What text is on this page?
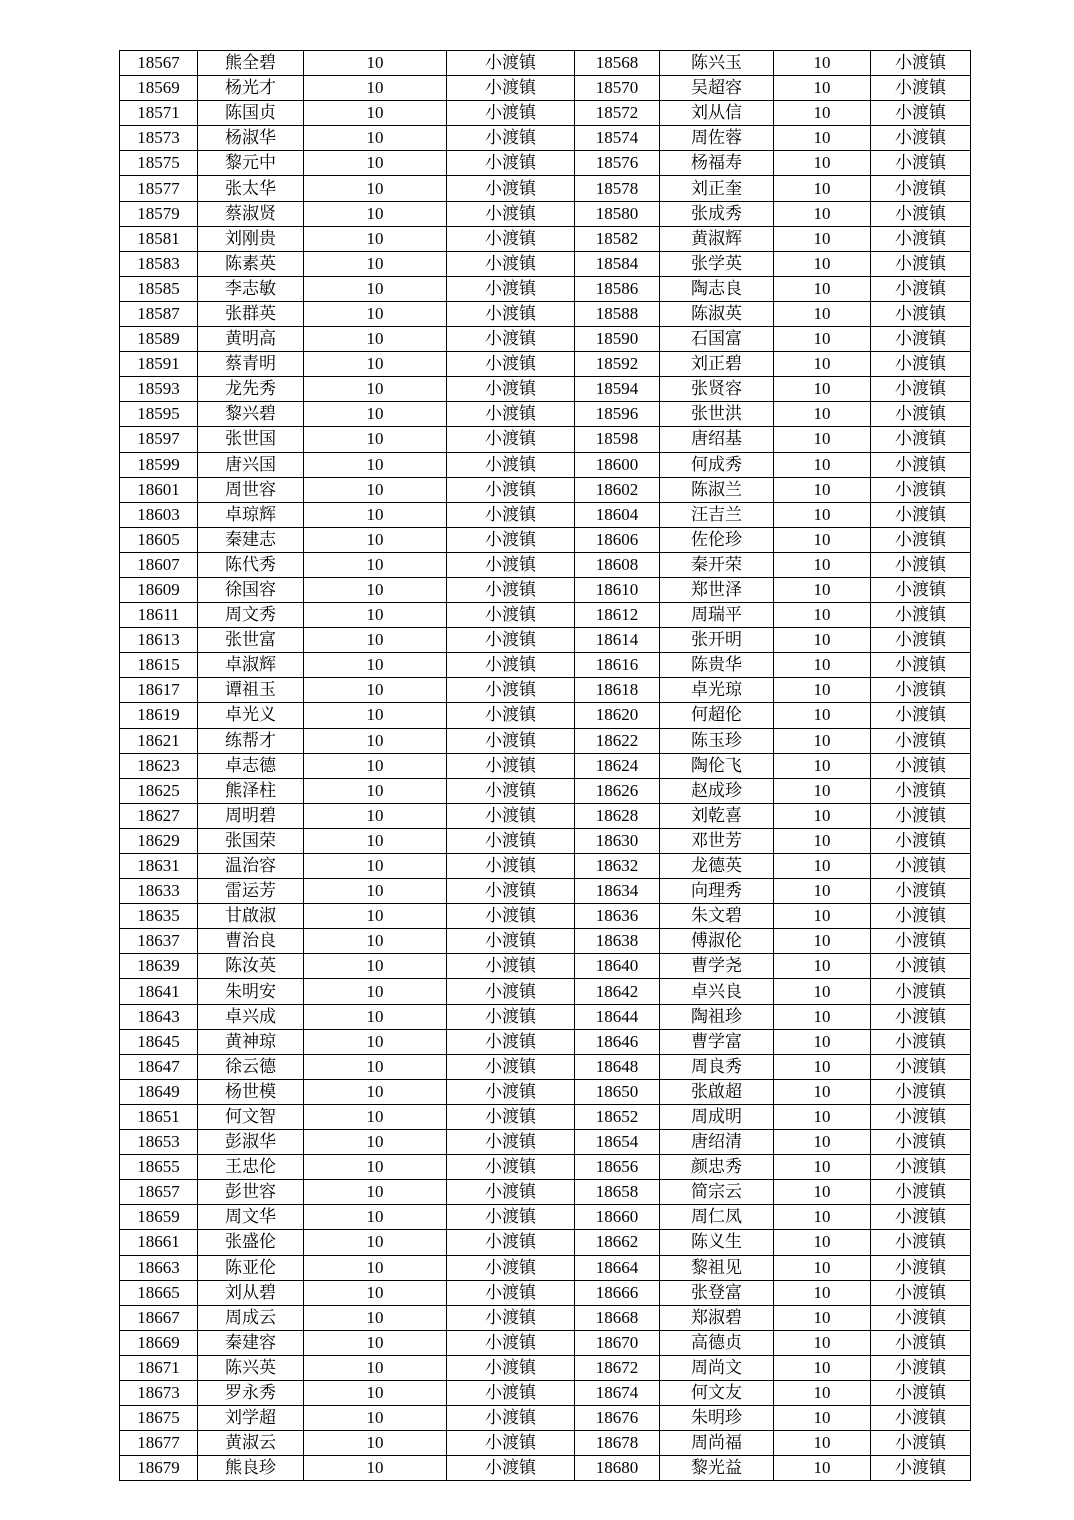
18567	熊全碧	10	小渡镇	18568	陈兴玉	10	小渡镇
18569	杨光才	10	小渡镇	18570	吴超容	10	小渡镇
18571	陈国贞	10	小渡镇	18572	刘从信	10	小渡镇
18573	杨淑华	10	小渡镇	18574	周佐蓉	10	小渡镇
18575	黎元中	10	小渡镇	18576	杨福寿	10	小渡镇
18577	张太华	10	小渡镇	18578	刘正奎	10	小渡镇
18579	蔡淑贤	10	小渡镇	18580	张成秀	10	小渡镇
18581	刘刚贵	10	小渡镇	18582	黄淑辉	10	小渡镇
18583	陈素英	10	小渡镇	18584	张学英	10	小渡镇
18585	李志敏	10	小渡镇	18586	陶志良	10	小渡镇
18587	张群英	10	小渡镇	18588	陈淑英	10	小渡镇
18589	黄明高	10	小渡镇	18590	石国富	10	小渡镇
18591	蔡青明	10	小渡镇	18592	刘正碧	10	小渡镇
18593	龙先秀	10	小渡镇	18594	张贤容	10	小渡镇
18595	黎兴碧	10	小渡镇	18596	张世洪	10	小渡镇
18597	张世国	10	小渡镇	18598	唐绍基	10	小渡镇
18599	唐兴国	10	小渡镇	18600	何成秀	10	小渡镇
18601	周世容	10	小渡镇	18602	陈淑兰	10	小渡镇
18603	卓琼辉	10	小渡镇	18604	汪吉兰	10	小渡镇
18605	秦建志	10	小渡镇	18606	佐伦珍	10	小渡镇
18607	陈代秀	10	小渡镇	18608	秦开荣	10	小渡镇
18609	徐国容	10	小渡镇	18610	郑世泽	10	小渡镇
18611	周文秀	10	小渡镇	18612	周瑞平	10	小渡镇
18613	张世富	10	小渡镇	18614	张开明	10	小渡镇
18615	卓淑辉	10	小渡镇	18616	陈贵华	10	小渡镇
18617	谭祖玉	10	小渡镇	18618	卓光琼	10	小渡镇
18619	卓光义	10	小渡镇	18620	何超伦	10	小渡镇
18621	练帮才	10	小渡镇	18622	陈玉珍	10	小渡镇
18623	卓志德	10	小渡镇	18624	陶伦飞	10	小渡镇
18625	熊泽柱	10	小渡镇	18626	赵成珍	10	小渡镇
18627	周明碧	10	小渡镇	18628	刘乾喜	10	小渡镇
18629	张国荣	10	小渡镇	18630	邓世芳	10	小渡镇
18631	温治容	10	小渡镇	18632	龙德英	10	小渡镇
18633	雷运芳	10	小渡镇	18634	向理秀	10	小渡镇
18635	甘啟淑	10	小渡镇	18636	朱文碧	10	小渡镇
18637	曹治良	10	小渡镇	18638	傅淑伦	10	小渡镇
18639	陈汝英	10	小渡镇	18640	曹学尧	10	小渡镇
18641	朱明安	10	小渡镇	18642	卓兴良	10	小渡镇
18643	卓兴成	10	小渡镇	18644	陶祖珍	10	小渡镇
18645	黄神琼	10	小渡镇	18646	曹学富	10	小渡镇
18647	徐云德	10	小渡镇	18648	周良秀	10	小渡镇
18649	杨世模	10	小渡镇	18650	张啟超	10	小渡镇
18651	何文智	10	小渡镇	18652	周成明	10	小渡镇
18653	彭淑华	10	小渡镇	18654	唐绍清	10	小渡镇
18655	王忠伦	10	小渡镇	18656	颜忠秀	10	小渡镇
18657	彭世容	10	小渡镇	18658	简宗云	10	小渡镇
18659	周文华	10	小渡镇	18660	周仁凤	10	小渡镇
18661	张盛伦	10	小渡镇	18662	陈义生	10	小渡镇
18663	陈亚伦	10	小渡镇	18664	黎祖见	10	小渡镇
18665	刘从碧	10	小渡镇	18666	张登富	10	小渡镇
18667	周成云	10	小渡镇	18668	郑淑碧	10	小渡镇
18669	秦建容	10	小渡镇	18670	高德贞	10	小渡镇
18671	陈兴英	10	小渡镇	18672	周尚文	10	小渡镇
18673	罗永秀	10	小渡镇	18674	何文友	10	小渡镇
18675	刘学超	10	小渡镇	18676	朱明珍	10	小渡镇
18677	黄淑云	10	小渡镇	18678	周尚福	10	小渡镇
18679	熊良珍	10	小渡镇	18680	黎光益	10	小渡镇
